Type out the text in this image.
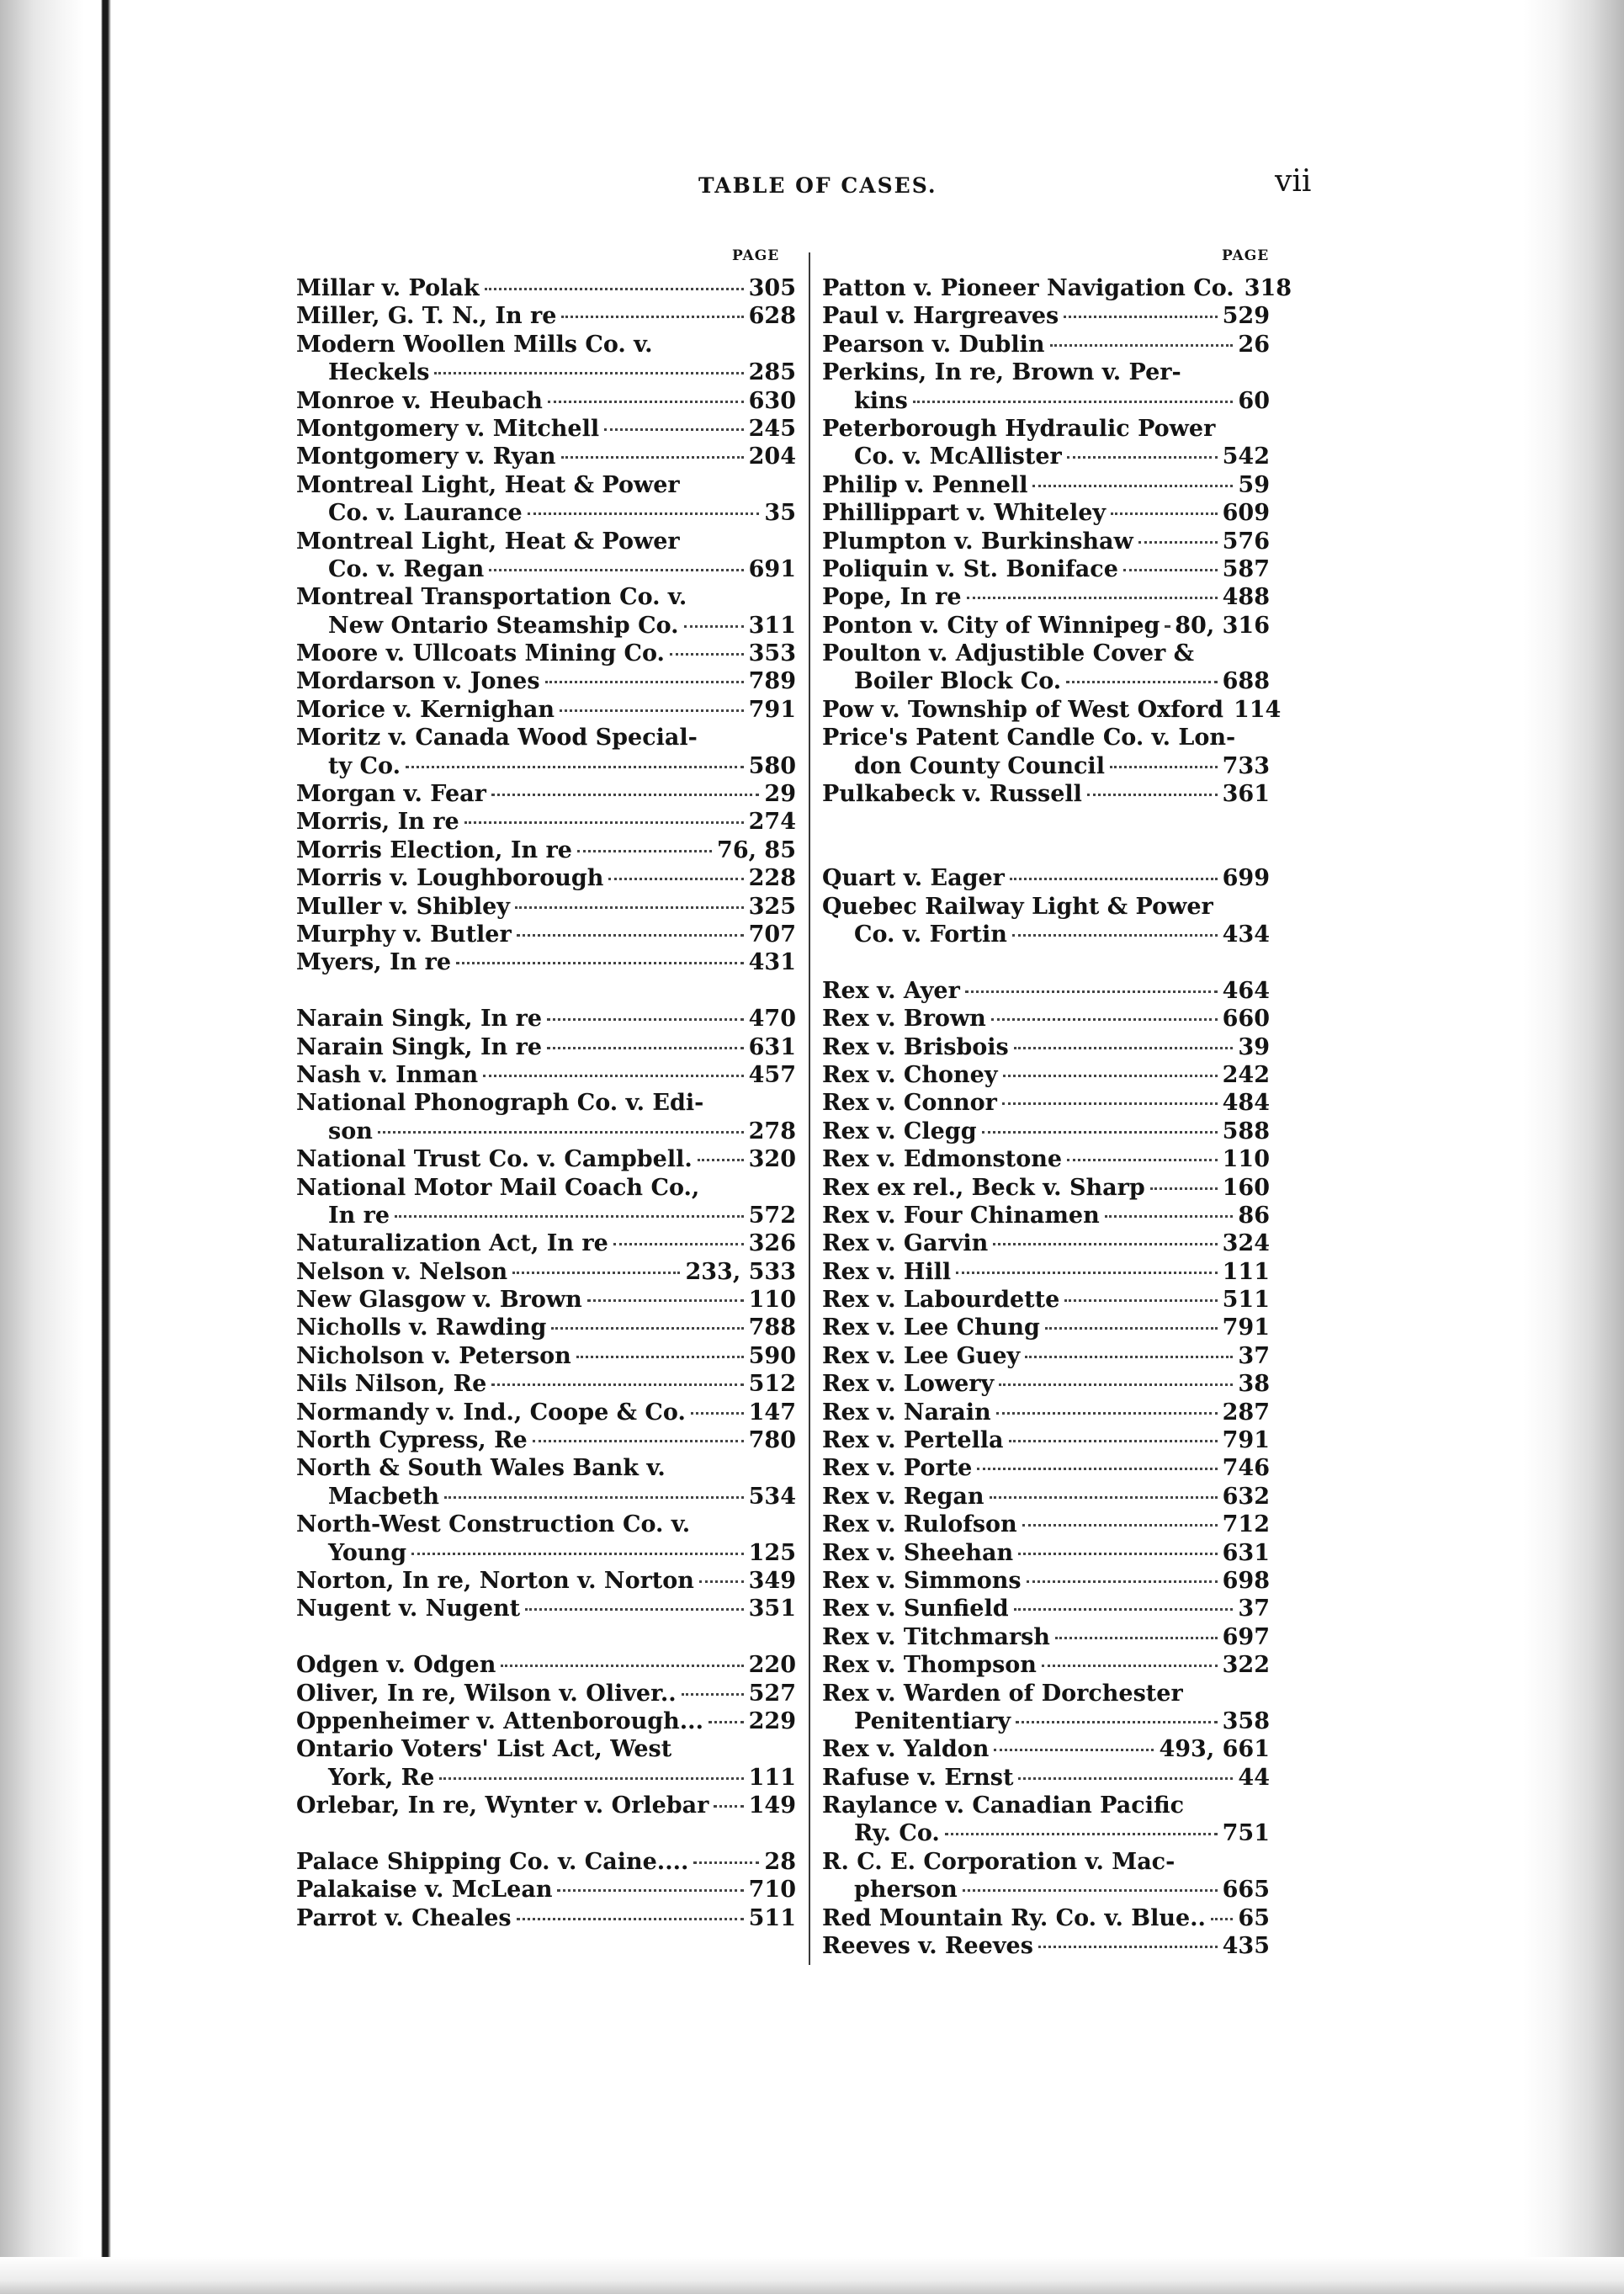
TABLE OF CASES.	vii
PAGE	PAGE
Millar v. Polak	305
Miller, G. T. N., In re	628
Modern Woollen Mills Co. v.
Heckels	285
Monroe v. Heubach	630
Montgomery v. Mitchell	245
Montgomery v. Ryan	204
Montreal Light, Heat & Power
Co. v. Laurance	35
Montreal Light, Heat & Power
Co. v. Regan	691
Montreal Transportation Co. v.
New Ontario Steamship Co.	311
Moore v. Ullcoats Mining Co.	353
Mordarson v. Jones	789
Morice v. Kernighan	791
Moritz v. Canada Wood Special-
ty Co.	580
Morgan v. Fear	29
Morris, In re	274
Morris Election, In re	76, 85
Morris v. Loughborough	228
Muller v. Shibley	325
Murphy v. Butler	707
Myers, In re	431
Narain Singk, In re	470
Narain Singk, In re	631
Nash v. Inman	457
National Phonograph Co. v. Edi-
son	278
National Trust Co. v. Campbell. 320
National Motor Mail Coach Co.,
In re	572
Naturalization Act, In re	326
Nelson v. Nelson	233, 533
New Glasgow v. Brown	110
Nicholls v. Rawding	788
Nicholson v. Peterson	590
Nils Nilson, Re	512
Normandy v. Ind., Coope & Co.	147
North Cypress, Re	780
North & South Wales Bank v.
Macbeth	534
North-West Construction Co. v.
Young	125
Norton, In re, Norton v. Norton 349
Nugent v. Nugent	351
Odgen v. Odgen	220
Oliver, In re, Wilson v. Oliver..	527
Oppenheimer v. Attenborough... 229
Ontario Voters' List Act, West
York, Re	111
Orlebar, In re, Wynter v. Orlebar 149
Palace Shipping Co. v. Caine....	28
Palakaise v. McLean	710
Parrot v. Cheales	511
Patton v. Pioneer Navigation Co. 318
Paul v. Hargreaves	529
Pearson v. Dublin	26
Perkins, In re, Brown v. Per-
kins	60
Peterborough Hydraulic Power
Co. v. McAllister	542
Philip v. Pennell	59
Phillippart v. Whiteley	609
Plumpton v. Burkinshaw	576
Poliquin v. St. Boniface	587
Pope, In re	488
Ponton v. City of Winnipeg 80, 316
Poulton v. Adjustible Cover &
Boiler Block Co.	688
Pow v. Township of West Oxford 114
Price's Patent Candle Co. v. Lon-
don County Council	733
Pulkabeck v. Russell	361
Quart v. Eager	699
Quebec Railway Light & Power
Co. v. Fortin	434
Rex v. Ayer	464
Rex v. Brown	660
Rex v. Brisbois	39
Rex v. Choney	242
Rex v. Connor	484
Rex v. Clegg	588
Rex v. Edmonstone	110
Rex ex rel., Beck v. Sharp	160
Rex v. Four Chinamen	86
Rex v. Garvin	324
Rex v. Hill	111
Rex v. Labourdette	511
Rex v. Lee Chung	791
Rex v. Lee Guey	37
Rex v. Lowery	38
Rex v. Narain	287
Rex v. Pertella	791
Rex v. Porte	746
Rex v. Regan	632
Rex v. Rulofson	712
Rex v. Sheehan	631
Rex v. Simmons	698
Rex v. Sunfield	37
Rex v. Titchmarsh	697
Rex v. Thompson	322
Rex v. Warden of Dorchester
Penitentiary	358
Rex v. Yaldon	493, 661
Rafuse v. Ernst	44
Raylance v. Canadian Pacific
Ry. Co.	751
R. C. E. Corporation v. Mac-
pherson	665
Red Mountain Ry. Co. v. Blue.. 65
Reeves v. Reeves	435
